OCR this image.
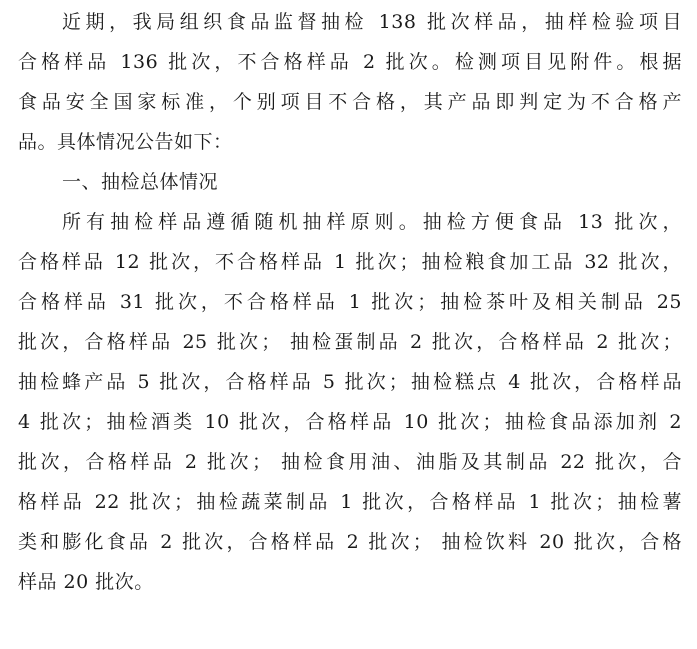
近期，我局组织食品监督抽检 138 批次样品，抽样检验项目
合格样品 136 批次，不合格样品 2 批次。检测项目见附件。根据
食品安全国家标准，个别项目不合格，其产品即判定为不合格产
品。具体情况公告如下：
一、抽检总体情况
所有抽检样品遵循随机抽样原则。抽检方便食品 13 批次，
合格样品 12 批次，不合格样品 1 批次；抽检粮食加工品 32 批次，
合格样品 31 批次，不合格样品 1 批次；抽检茶叶及相关制品 25
批次，合格样品 25 批次； 抽检蛋制品 2 批次，合格样品 2 批次；
抽检蜂产品 5 批次，合格样品 5 批次；抽检糕点 4 批次，合格样品
4 批次；抽检酒类 10 批次，合格样品 10 批次；抽检食品添加剂 2
批次，合格样品 2 批次； 抽检食用油、油脂及其制品 22 批次，合
格样品 22 批次；抽检蔬菜制品 1 批次，合格样品 1 批次；抽检薯
类和膨化食品 2 批次，合格样品 2 批次； 抽检饮料 20 批次，合格
样品 20 批次。
